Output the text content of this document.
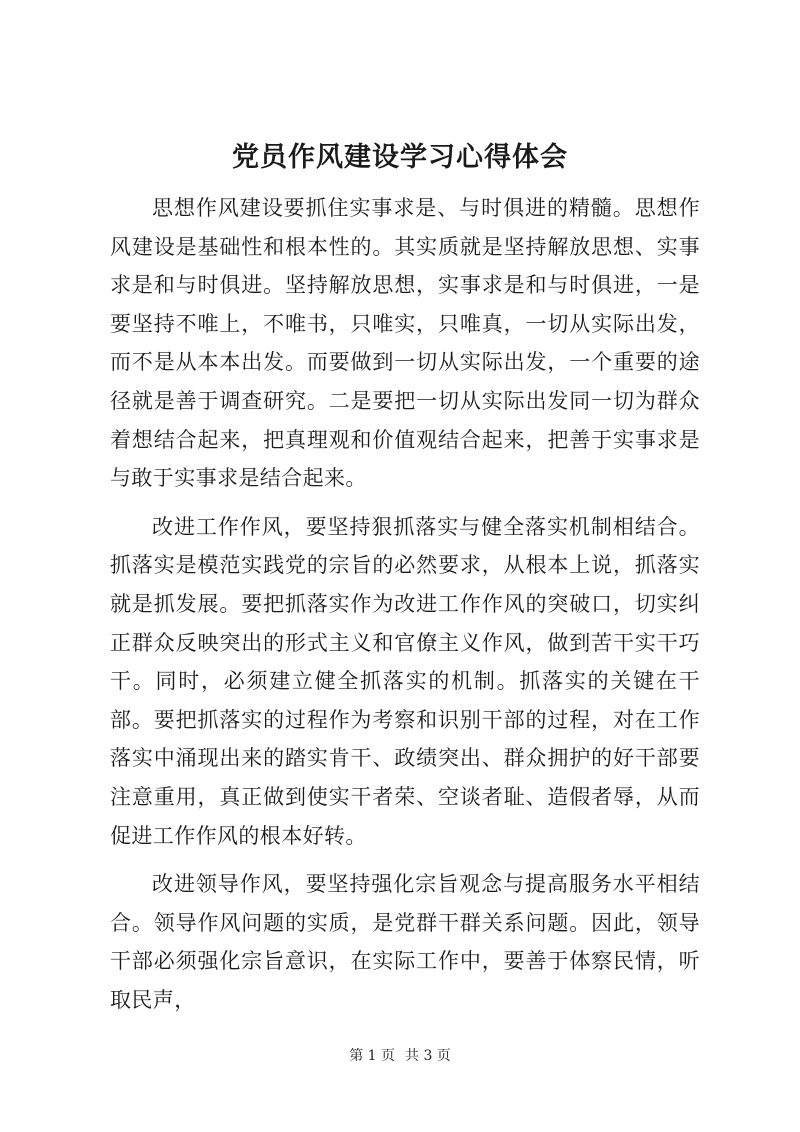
党员作风建设学习心得体会

思想作风建设要抓住实事求是、与时俱进的精髓。思想作风建设是基础性和根本性的。其实质就是坚持解放思想、实事求是和与时俱进。坚持解放思想，实事求是和与时俱进，一是要坚持不唯上，不唯书，只唯实，只唯真，一切从实际出发，而不是从本本出发。而要做到一切从实际出发，一个重要的途径就是善于调查研究。二是要把一切从实际出发同一切为群众着想结合起来，把真理观和价值观结合起来，把善于实事求是与敢于实事求是结合起来。

改进工作作风，要坚持狠抓落实与健全落实机制相结合。抓落实是模范实践党的宗旨的必然要求，从根本上说，抓落实就是抓发展。要把抓落实作为改进工作作风的突破口，切实纠正群众反映突出的形式主义和官僚主义作风，做到苦干实干巧干。同时，必须建立健全抓落实的机制。抓落实的关键在干部。要把抓落实的过程作为考察和识别干部的过程，对在工作落实中涌现出来的踏实肯干、政绩突出、群众拥护的好干部要注意重用，真正做到使实干者荣、空谈者耻、造假者辱，从而促进工作作风的根本好转。

改进领导作风，要坚持强化宗旨观念与提高服务水平相结合。领导作风问题的实质，是党群干群关系问题。因此，领导干部必须强化宗旨意识，在实际工作中，要善于体察民情，听取民声，

第 1 页 共 3 页
